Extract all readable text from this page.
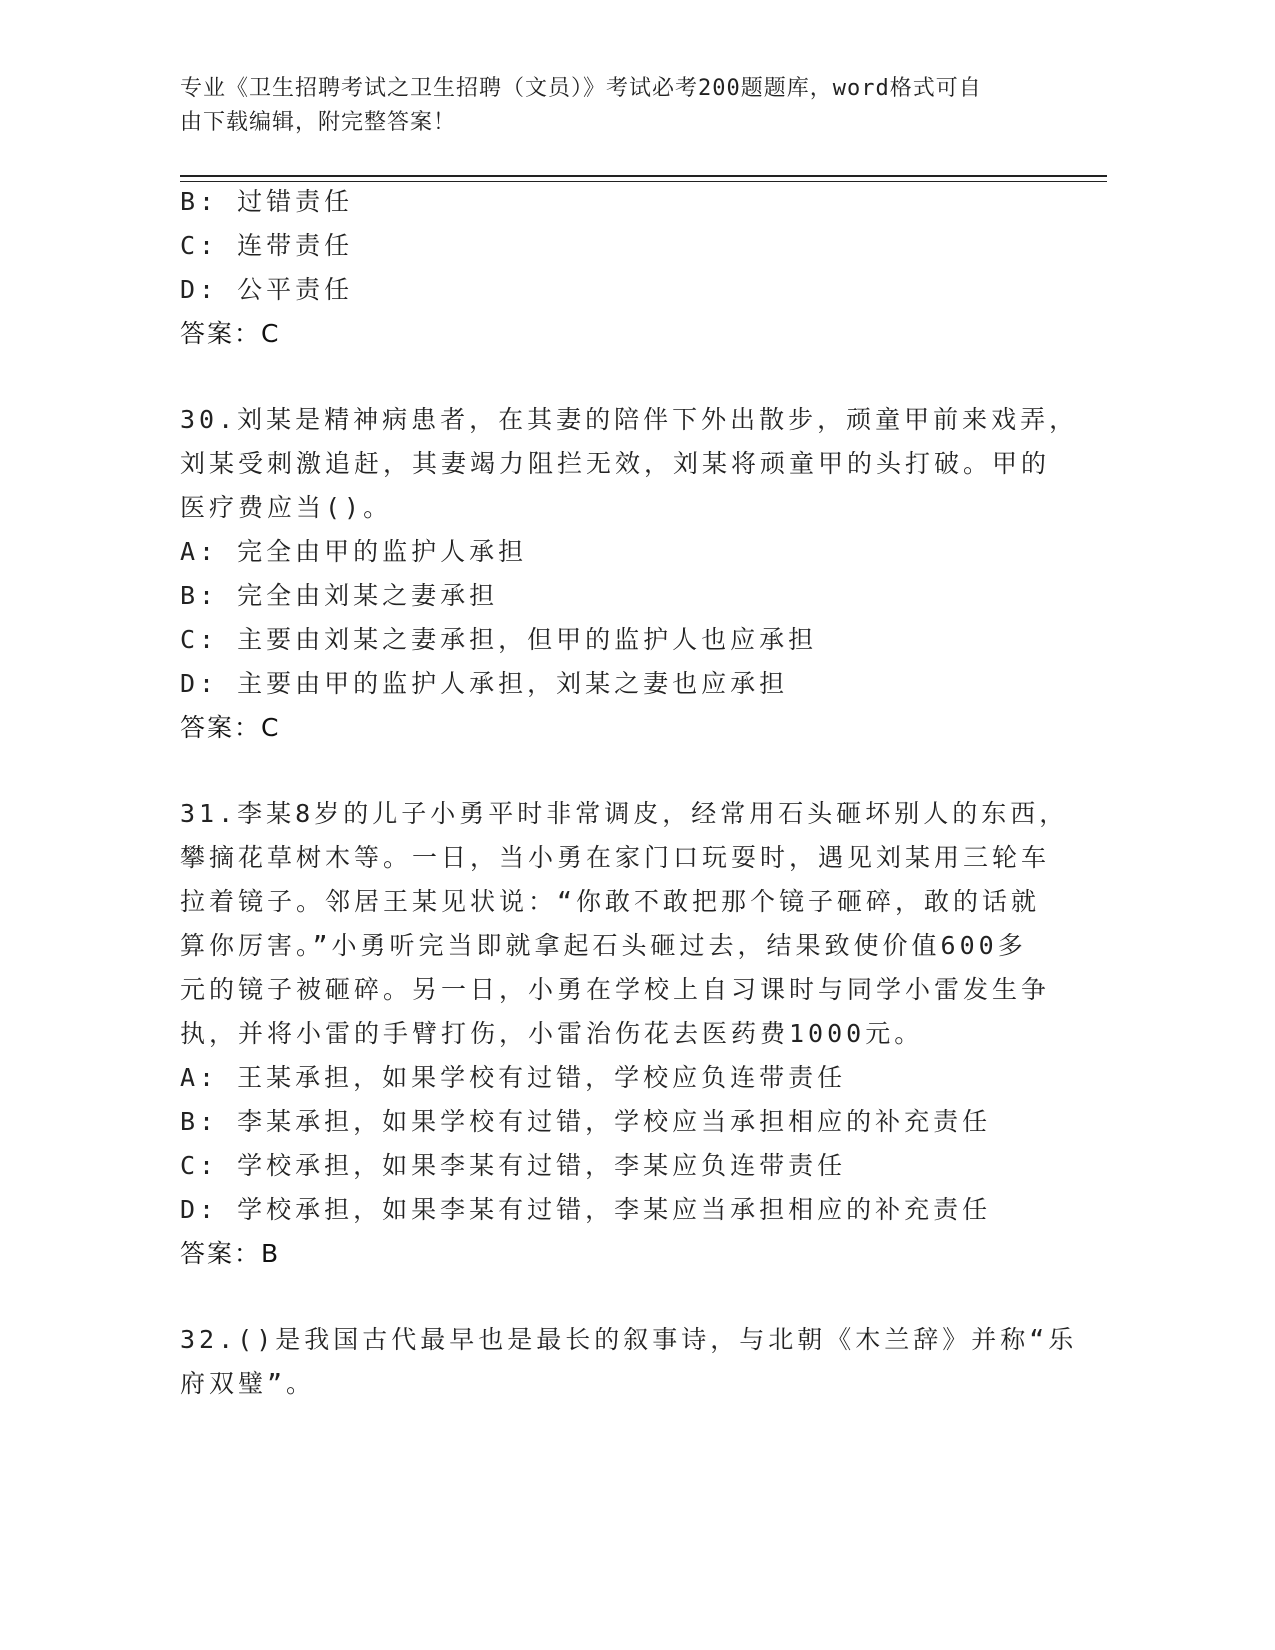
专业《卫生招聘考试之卫生招聘（文员）》考试必考200题题库，word格式可自
由下载编辑，附完整答案！
B: 过错责任
C: 连带责任
D: 公平责任
答案：C
30.刘某是精神病患者，在其妻的陪伴下外出散步，顽童甲前来戏弄，
刘某受刺激追赶，其妻竭力阻拦无效，刘某将顽童甲的头打破。甲的
医疗费应当()。
A: 完全由甲的监护人承担
B: 完全由刘某之妻承担
C: 主要由刘某之妻承担，但甲的监护人也应承担
D: 主要由甲的监护人承担，刘某之妻也应承担
答案：C
31.李某8岁的儿子小勇平时非常调皮，经常用石头砸坏别人的东西，
攀摘花草树木等。一日，当小勇在家门口玩耍时，遇见刘某用三轮车
拉着镜子。邻居王某见状说：“你敢不敢把那个镜子砸碎，敢的话就
算你厉害。”小勇听完当即就拿起石头砸过去，结果致使价值600多
元的镜子被砸碎。另一日，小勇在学校上自习课时与同学小雷发生争
执，并将小雷的手臂打伤，小雷治伤花去医药费1000元。
A: 王某承担，如果学校有过错，学校应负连带责任
B: 李某承担，如果学校有过错，学校应当承担相应的补充责任
C: 学校承担，如果李某有过错，李某应负连带责任
D: 学校承担，如果李某有过错，李某应当承担相应的补充责任
答案：B
32.()是我国古代最早也是最长的叙事诗，与北朝《木兰辞》并称“乐
府双璧”。
